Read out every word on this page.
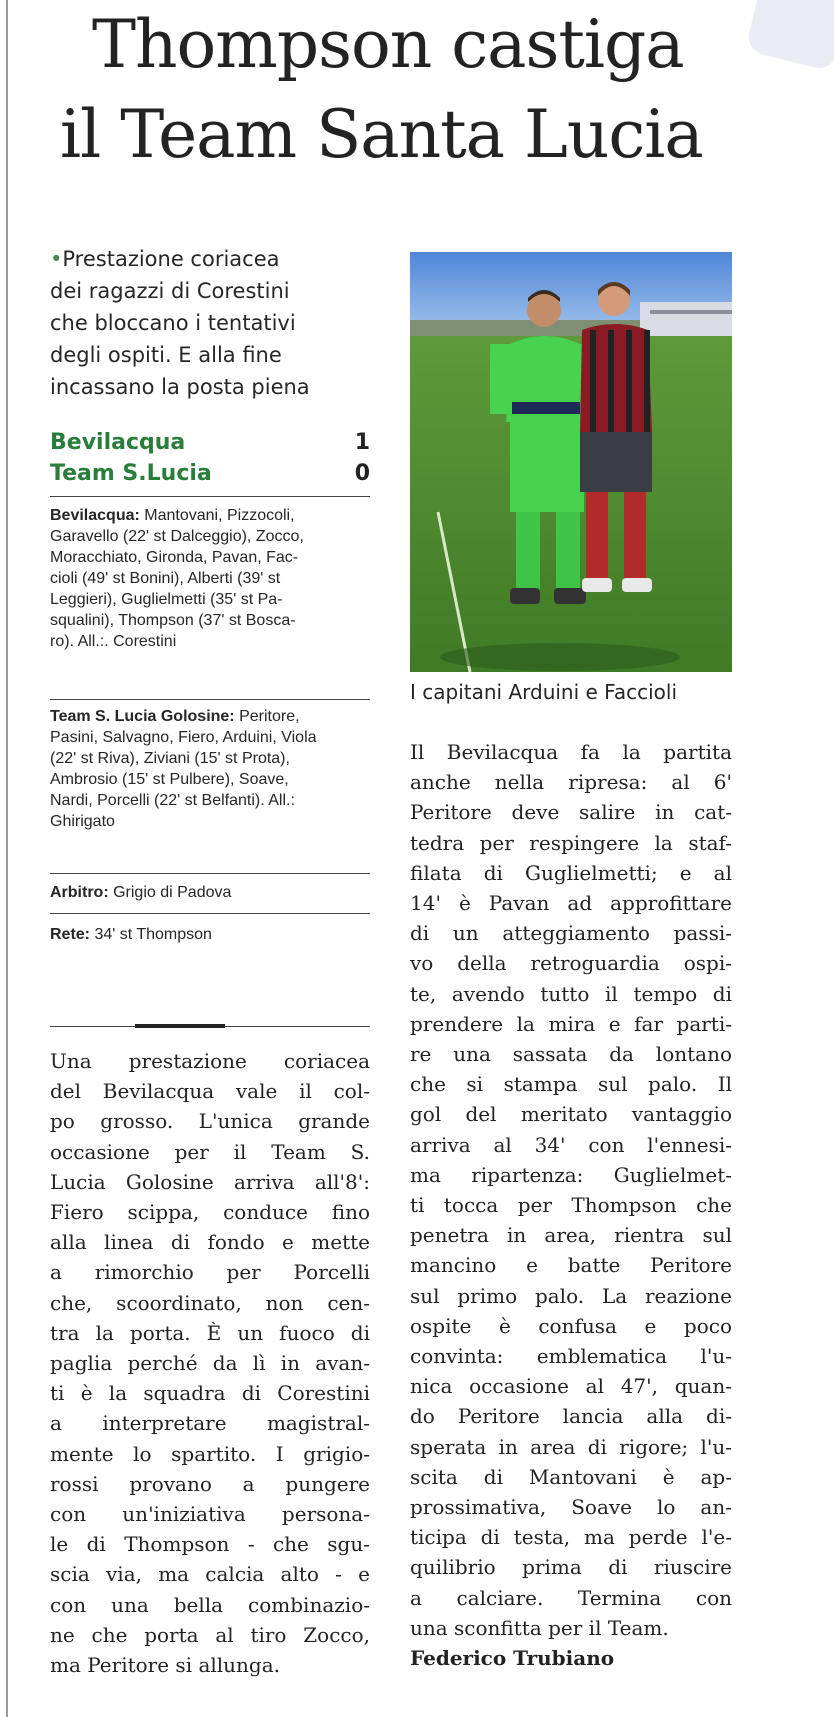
Thompson castiga
il Team Santa Lucia
•Prestazione coriacea
dei ragazzi di Corestini
che bloccano i tentativi
degli ospiti. E alla fine
incassano la posta piena
Bevilacqua	1
Team S.Lucia	0
Bevilacqua: Mantovani, Pizzocoli,
Garavello (22' st Dalceggio), Zocco,
Moracchiato, Gironda, Pavan, Fac-
cioli (49' st Bonini), Alberti (39' st
Leggieri), Guglielmetti (35' st Pa-
squalini), Thompson (37' st Bosca-
ro). All.:. Corestini
Team S. Lucia Golosine: Peritore,
Pasini, Salvagno, Fiero, Arduini, Viola
(22' st Riva), Ziviani (15' st Prota),
Ambrosio (15' st Pulbere), Soave,
Nardi, Porcelli (22' st Belfanti). All.:
Ghirigato
Arbitro: Grigio di Padova
Rete: 34' st Thompson
I capitani Arduini e Faccioli
Una prestazione coriacea
del Bevilacqua vale il col-
po grosso. L'unica grande
occasione per il Team S.
Lucia Golosine arriva all'8':
Fiero scippa, conduce fino
alla linea di fondo e mette
a rimorchio per Porcelli
che, scoordinato, non cen-
tra la porta. È un fuoco di
paglia perché da lì in avan-
ti è la squadra di Corestini
a interpretare magistral-
mente lo spartito. I grigio-
rossi provano a pungere
con un'iniziativa persona-
le di Thompson - che sgu-
scia via, ma calcia alto - e
con una bella combinazio-
ne che porta al tiro Zocco,
ma Peritore si allunga.
Il Bevilacqua fa la partita
anche nella ripresa: al 6'
Peritore deve salire in cat-
tedra per respingere la staf-
filata di Guglielmetti; e al
14' è Pavan ad approfittare
di un atteggiamento passi-
vo della retroguardia ospi-
te, avendo tutto il tempo di
prendere la mira e far parti-
re una sassata da lontano
che si stampa sul palo. Il
gol del meritato vantaggio
arriva al 34' con l'ennesi-
ma ripartenza: Guglielmet-
ti tocca per Thompson che
penetra in area, rientra sul
mancino e batte Peritore
sul primo palo. La reazione
ospite è confusa e poco
convinta: emblematica l'u-
nica occasione al 47', quan-
do Peritore lancia alla di-
sperata in area di rigore; l'u-
scita di Mantovani è ap-
prossimativa, Soave lo an-
ticipa di testa, ma perde l'e-
quilibrio prima di riuscire
a calciare. Termina con
una sconfitta per il Team.
Federico Trubiano
